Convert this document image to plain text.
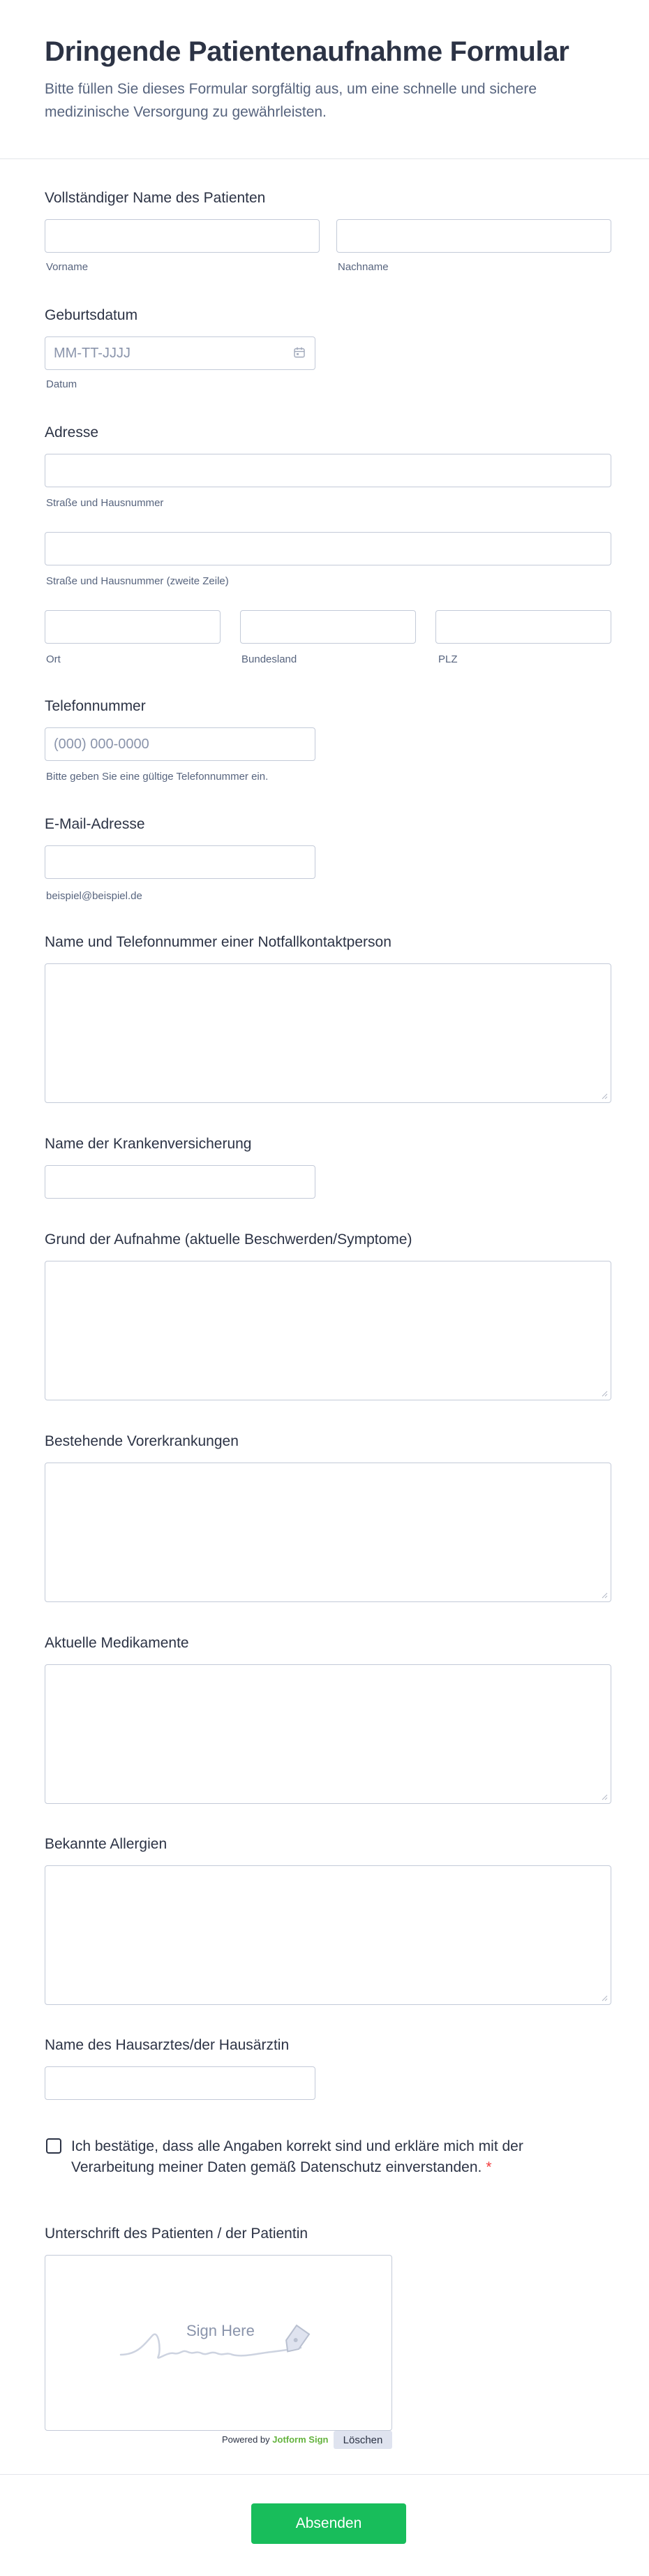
Dringende Patientenaufnahme Formular

Bitte füllen Sie dieses Formular sorgfältig aus, um eine schnelle und sichere medizinische Versorgung zu gewährleisten.

Vollständiger Name des Patienten
Vorname	Nachname
Geburtsdatum
MM-TT-JJJJ
Datum
Adresse
Straße und Hausnummer
Straße und Hausnummer (zweite Zeile)
Ort	Bundesland	PLZ
Telefonnummer
(000) 000-0000
Bitte geben Sie eine gültige Telefonnummer ein.
E-Mail-Adresse
beispiel@beispiel.de
Name und Telefonnummer einer Notfallkontaktperson
Name der Krankenversicherung
Grund der Aufnahme (aktuelle Beschwerden/Symptome)
Bestehende Vorerkrankungen
Aktuelle Medikamente
Bekannte Allergien
Name des Hausarztes/der Hausärztin
Ich bestätige, dass alle Angaben korrekt sind und erkläre mich mit der Verarbeitung meiner Daten gemäß Datenschutz einverstanden. *
Unterschrift des Patienten / der Patientin
Sign Here
Powered by Jotform Sign	Löschen
Absenden
